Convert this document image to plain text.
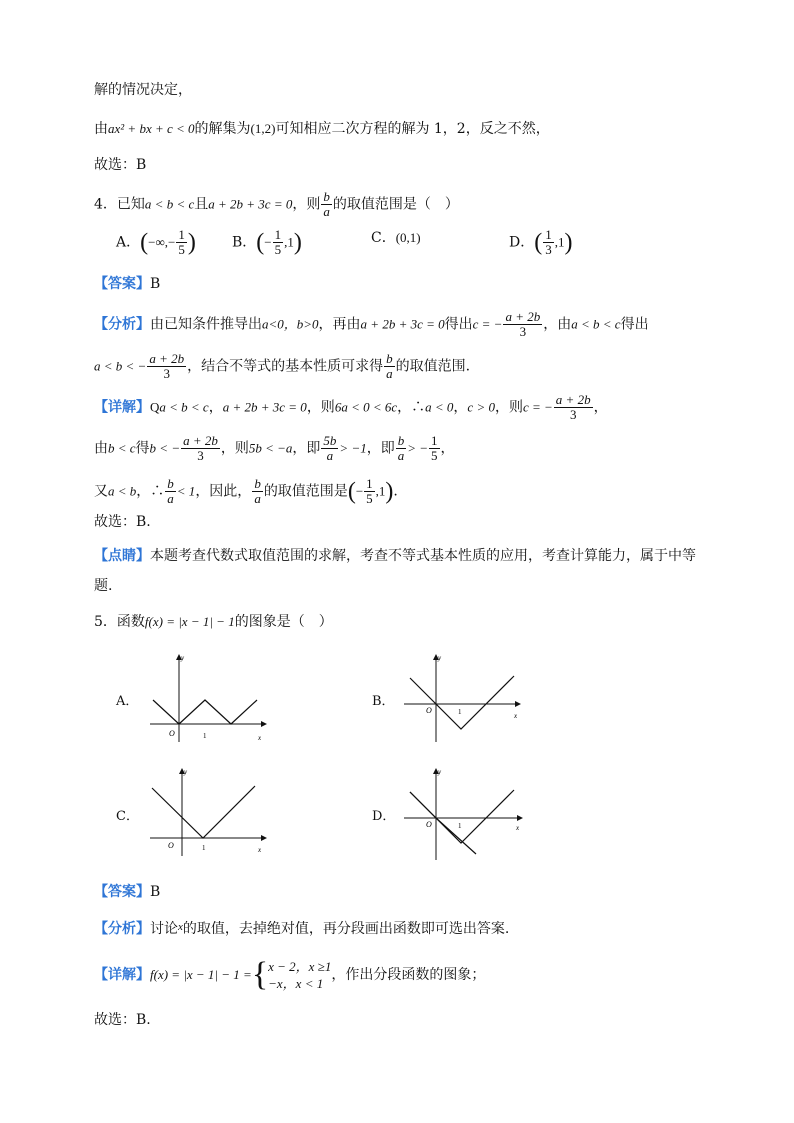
解的情况决定，
由ax² + bx + c < 0的解集为(1,2)可知相应二次方程的解为 1，2，反之不然，
故选：B
4．已知a < b < c且a + 2b + 3c = 0，则 $\frac{b}{a}$ 的取值范围是（　）
A．(−∞,− $\frac{1}{5}$ )	B．(− $\frac{1}{5} ,1$)	C．(0,1)	D．( $\frac{1}{3} ,1$)
【答案】B
【分析】由已知条件推导出a<0，b>0，再由a + 2b + 3c = 0得出c = − $\frac{a + 2b}{3}$ ，由a < b < c得出
a < b < − $\frac{a + 2b}{3}$ ，结合不等式的基本性质可求得 $\frac{b}{a}$ 的取值范围.
【详解】Qa < b < c，a + 2b + 3c = 0，则6a < 0 < 6c，∴a < 0，c > 0，则c = − $\frac{a + 2b}{3}$ ，
由b < c得b < − $\frac{a + 2b}{3}$ ，则5b < −a，即 $\frac{5b}{a} > -1$，即 $\frac{b}{a}$ > − $\frac{1}{5}$ ，
又a < b，∴ $\frac{b}{a} < 1$，因此， $\frac{b}{a}$ 的取值范围是(− $\frac{1}{5} ,1$).
故选：B.
【点睛】本题考查代数式取值范围的求解，考查不等式基本性质的应用，考查计算能力，属于中等
题.
5．函数f(x) = |x − 1| − 1的图象是（　）
A．	B．
C．	D．
y
x
O	1
y
x
O	1
y
x
O	1
y
x
O	1
【答案】B
【分析】讨论$^x$的取值，去掉绝对值，再分段画出函数即可选出答案.
【详解】f(x) = |x − 1| − 1 ={ x − 2，x ≥1
−x，x < 1
，作出分段函数的图象；
故选：B.
